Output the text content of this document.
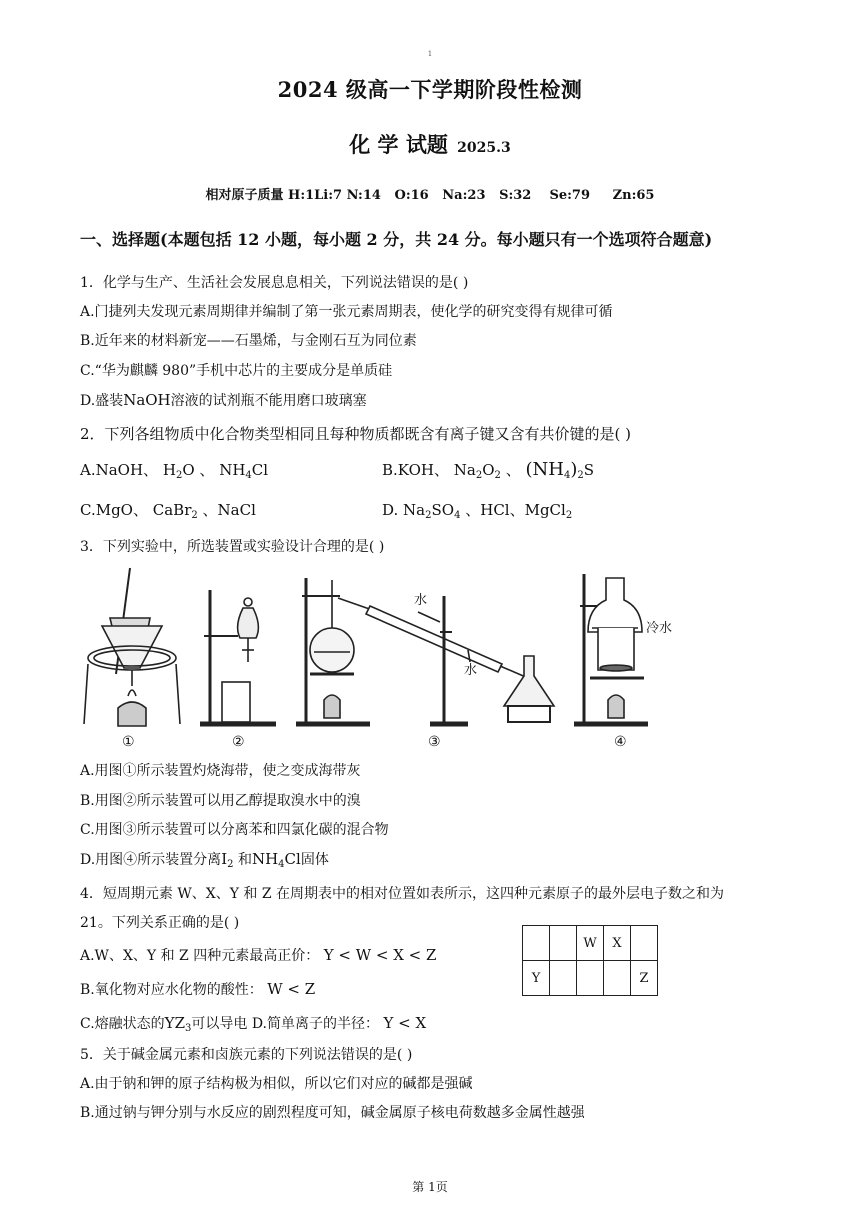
1
2024 级高一下学期阶段性检测
化 学 试题 2025.3
相对原子质量 H:1Li:7 N:14   O:16   Na:23   S:32    Se:79     Zn:65
一、选择题(本题包括 12 小题，每小题 2 分，共 24 分。每小题只有一个选项符合题意)
1．化学与生产、生活社会发展息息相关，下列说法错误的是( )
A.门捷列夫发现元素周期律并编制了第一张元素周期表，使化学的研究变得有规律可循
B.近年来的材料新宠——石墨烯，与金刚石互为同位素
C.“华为麒麟 980”手机中芯片的主要成分是单质硅
D.盛装NaOH溶液的试剂瓶不能用磨口玻璃塞
2．下列各组物质中化合物类型相同且每种物质都既含有离子键又含有共价键的是( )
A.NaOH、 $H_2O$ 、 $NH_4Cl$	B.KOH、 $Na_2O_2$ 、 $(NH_4)_2S$
C.MgO、 CaBr$_2$ 、NaCl	D. $Na_2SO_4$ 、HCl、MgCl$_2$
3．下列实验中，所选装置或实验设计合理的是( )
水
水
冷水
①	②	③	④
A.用图①所示装置灼烧海带，使之变成海带灰
B.用图②所示装置可以用乙醇提取溴水中的溴
C.用图③所示装置可以分离苯和四氯化碳的混合物
D.用图④所示装置分离$I_2$ 和$NH_4Cl$固体
4．短周期元素 W、X、Y 和 Z 在周期表中的相对位置如表所示，这四种元素原子的最外层电子数之和为
21。下列关系正确的是( )
A.W、X、Y 和 Z 四种元素最高正价： Y < W < X < Z
B.氧化物对应水化物的酸性： W < Z
C.熔融状态的$YZ_3$可以导电 D.简单离子的半径： Y < X
		W	X	
Y				Z
5．关于碱金属元素和卤族元素的下列说法错误的是( )
A.由于钠和钾的原子结构极为相似，所以它们对应的碱都是强碱
B.通过钠与钾分别与水反应的剧烈程度可知，碱金属原子核电荷数越多金属性越强
第 1页
